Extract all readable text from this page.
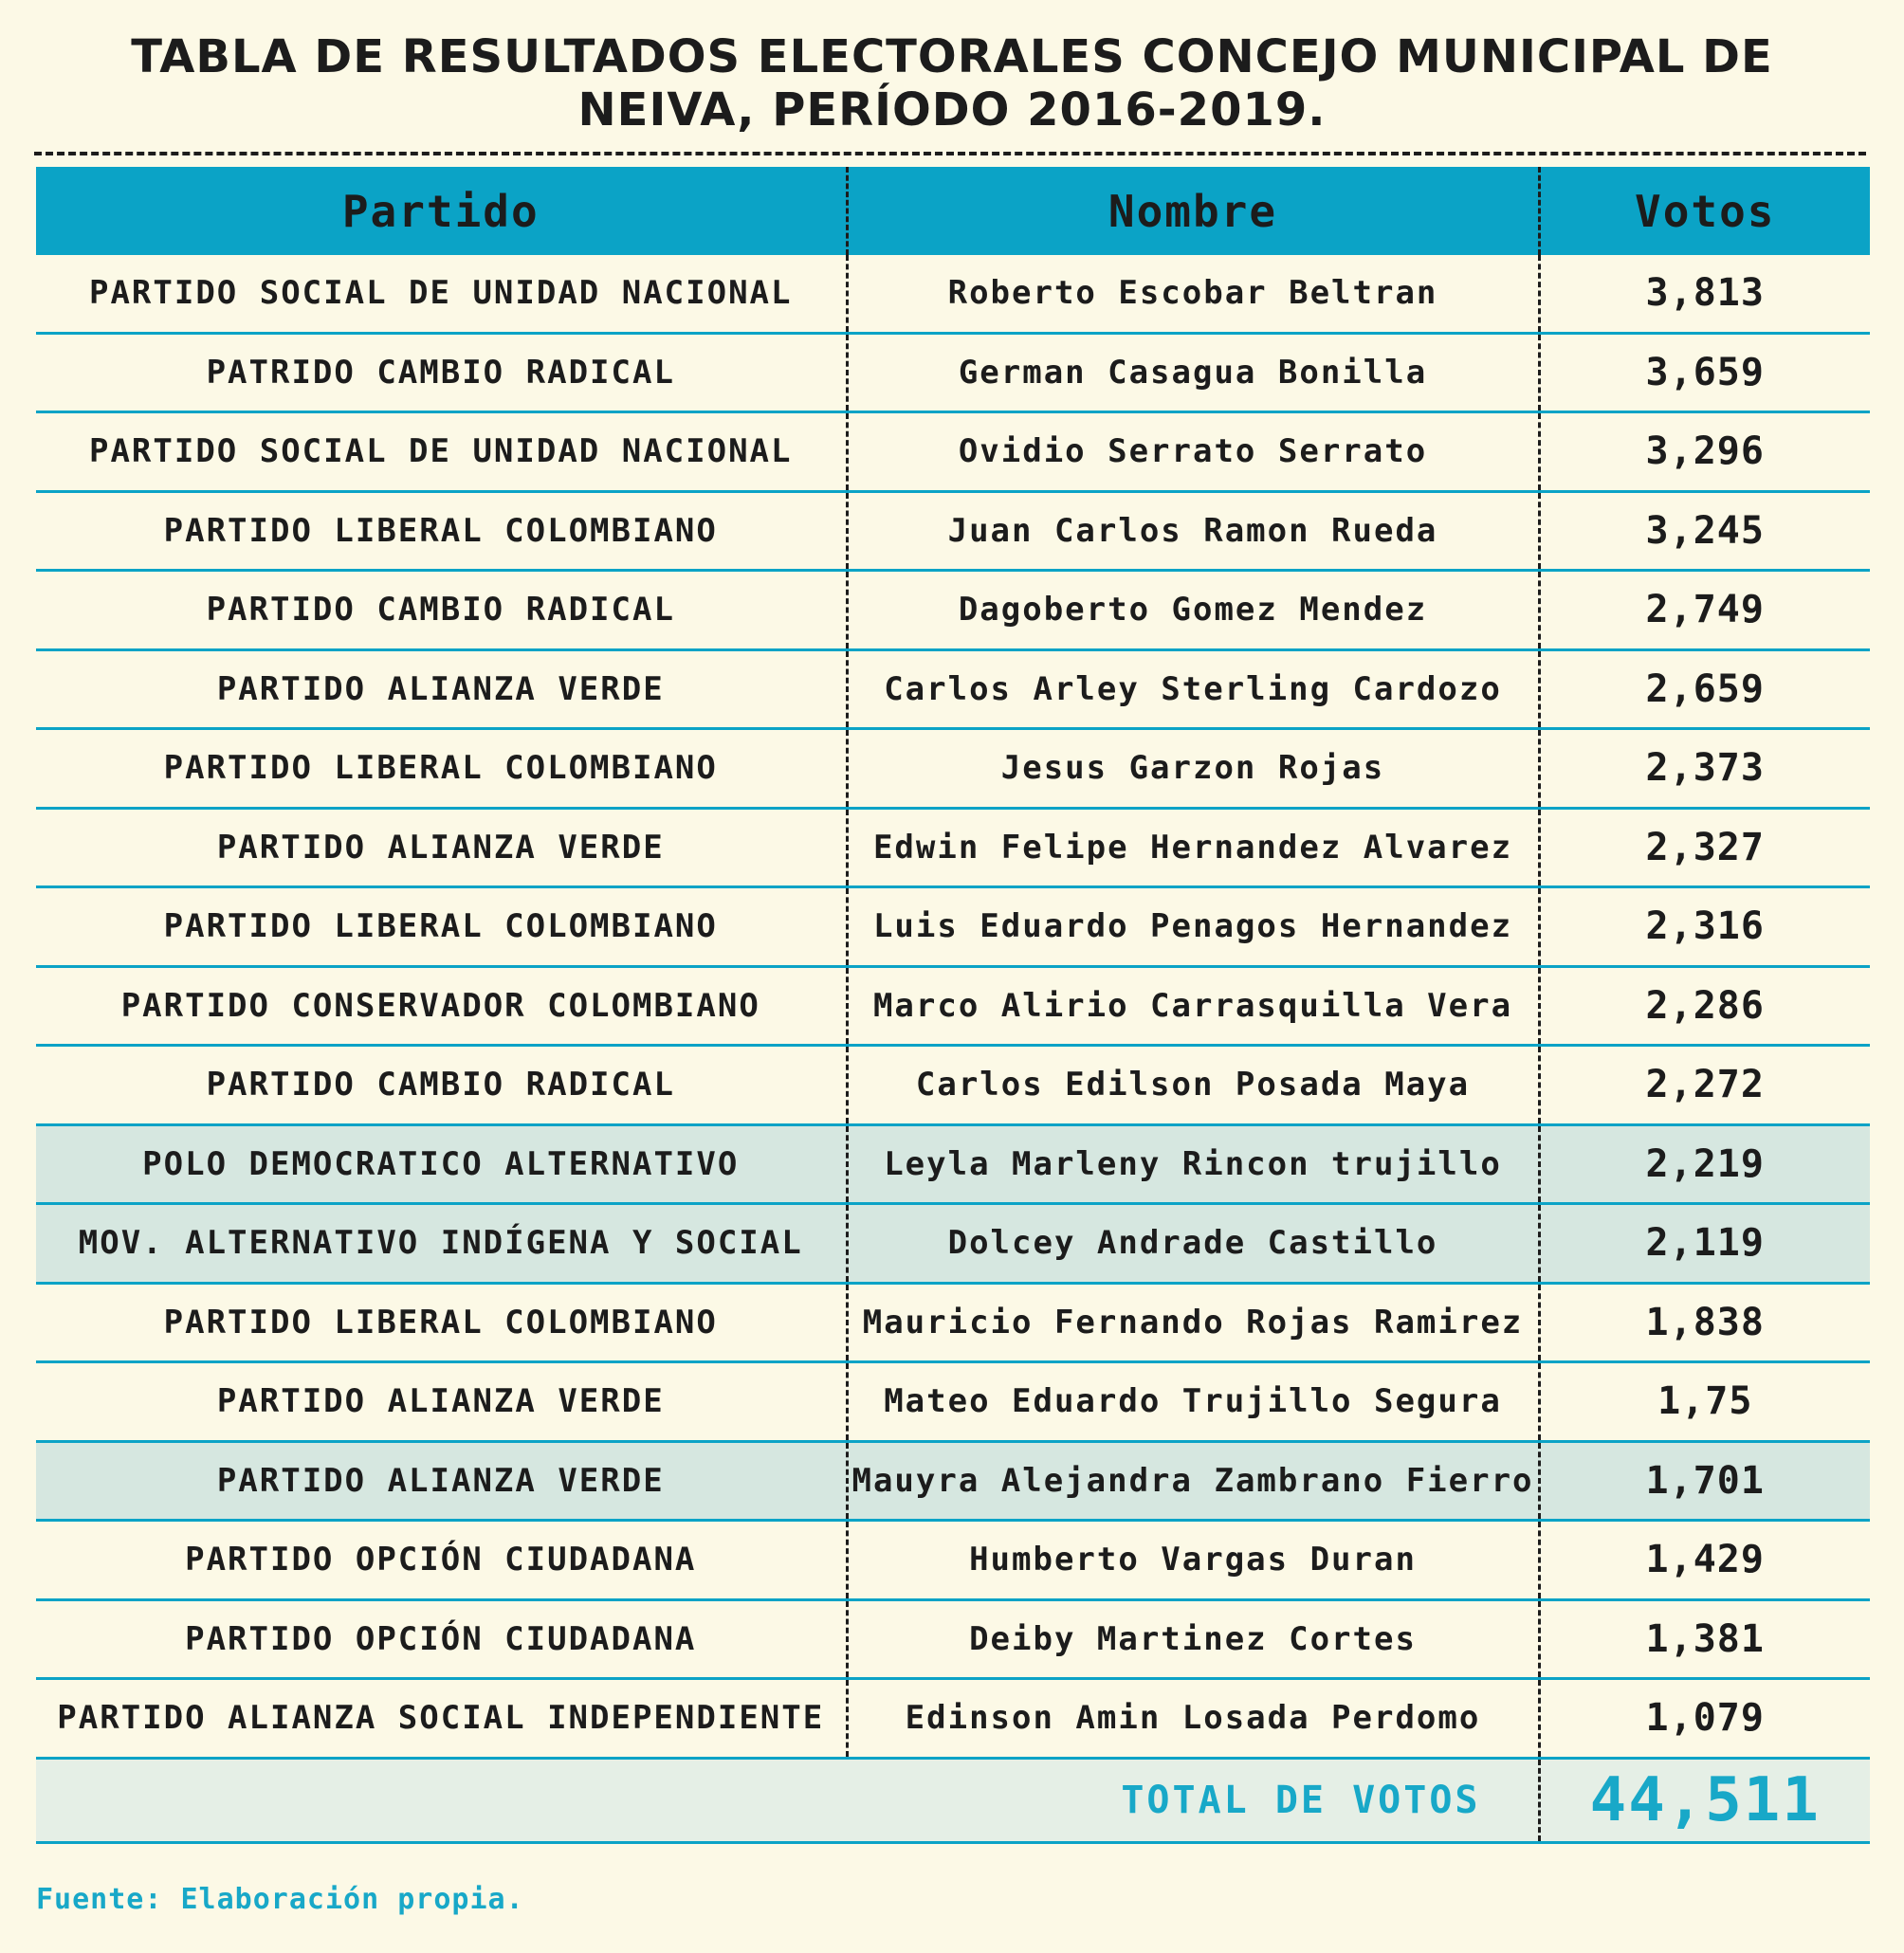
TABLA DE RESULTADOS ELECTORALES CONCEJO MUNICIPAL DE
NEIVA, PERÍODO 2016-2019.
Partido	Nombre	Votos
PARTIDO SOCIAL DE UNIDAD NACIONAL	Roberto Escobar Beltran	3,813
PATRIDO CAMBIO RADICAL	German Casagua Bonilla	3,659
PARTIDO SOCIAL DE UNIDAD NACIONAL	Ovidio Serrato Serrato	3,296
PARTIDO LIBERAL COLOMBIANO	Juan Carlos Ramon Rueda	3,245
PARTIDO CAMBIO RADICAL	Dagoberto Gomez Mendez	2,749
PARTIDO ALIANZA VERDE	Carlos Arley Sterling Cardozo	2,659
PARTIDO LIBERAL COLOMBIANO	Jesus Garzon Rojas	2,373
PARTIDO ALIANZA VERDE	Edwin Felipe Hernandez Alvarez	2,327
PARTIDO LIBERAL COLOMBIANO	Luis Eduardo Penagos Hernandez	2,316
PARTIDO CONSERVADOR COLOMBIANO	Marco Alirio Carrasquilla Vera	2,286
PARTIDO CAMBIO RADICAL	Carlos Edilson Posada Maya	2,272
POLO DEMOCRATICO ALTERNATIVO	Leyla Marleny Rincon trujillo	2,219
MOV. ALTERNATIVO INDÍGENA Y SOCIAL	Dolcey Andrade Castillo	2,119
PARTIDO LIBERAL COLOMBIANO	Mauricio Fernando Rojas Ramirez	1,838
PARTIDO ALIANZA VERDE	Mateo Eduardo Trujillo Segura	1,75
PARTIDO ALIANZA VERDE	Mauyra Alejandra Zambrano Fierro	1,701
PARTIDO OPCIÓN CIUDADANA	Humberto Vargas Duran	1,429
PARTIDO OPCIÓN CIUDADANA	Deiby Martinez Cortes	1,381
PARTIDO ALIANZA SOCIAL INDEPENDIENTE	Edinson Amin Losada Perdomo	1,079
TOTAL DE VOTOS		44,511
Fuente: Elaboración propia.
